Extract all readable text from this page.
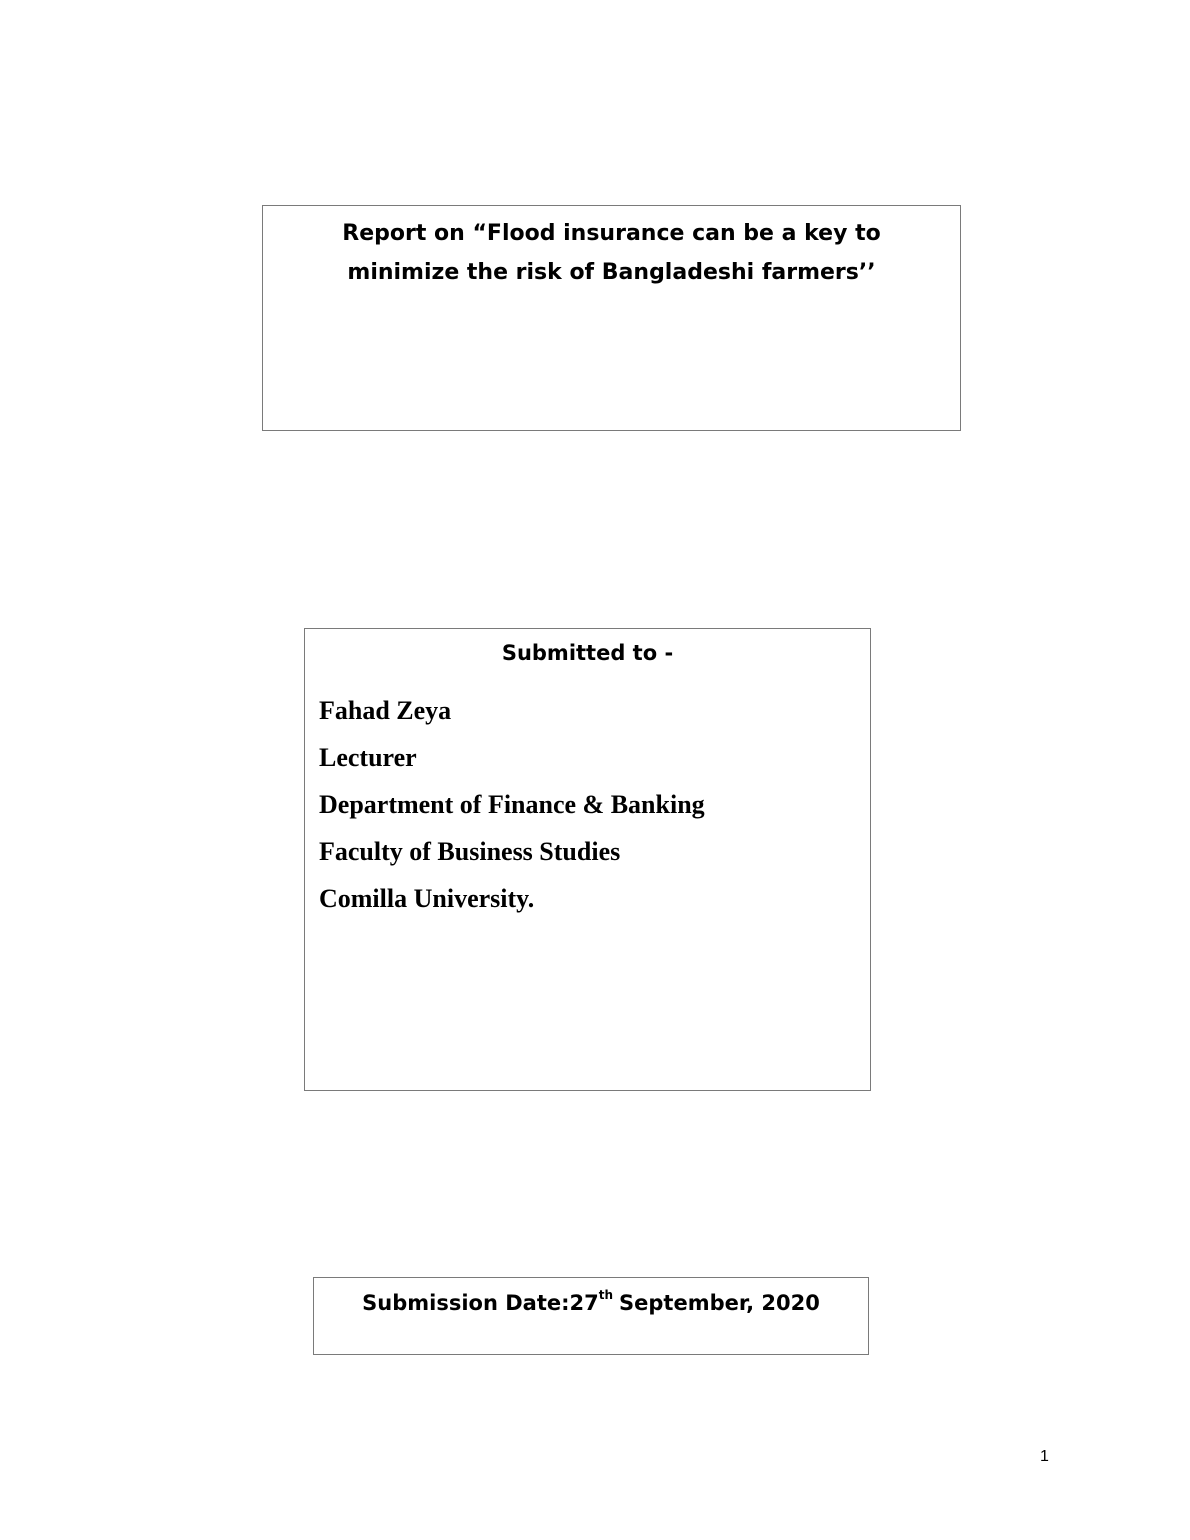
Report on “Flood insurance can be a key to minimize the risk of Bangladeshi farmers’’
Submitted to -
Fahad Zeya
Lecturer
Department of Finance & Banking
Faculty of Business Studies
Comilla University.
Submission Date:27th September, 2020
1
